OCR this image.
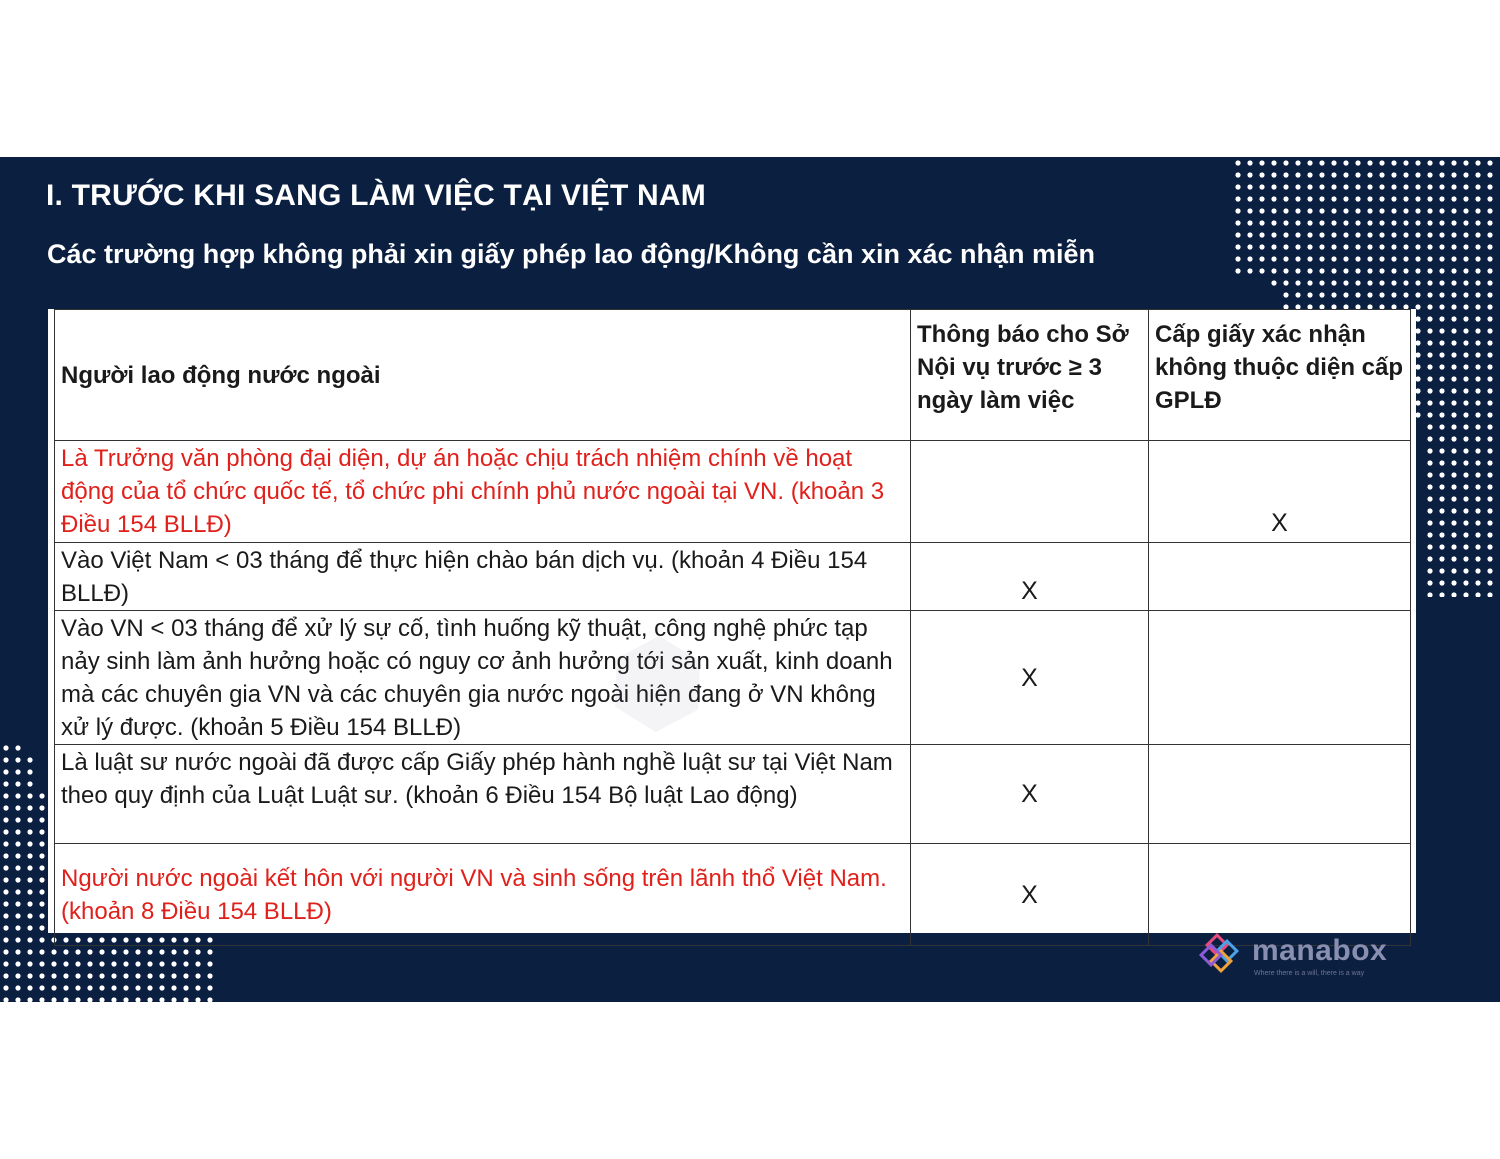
I. TRƯỚC KHI SANG LÀM VIỆC TẠI VIỆT NAM
Các trường hợp không phải xin giấy phép lao động/Không cần xin xác nhận miễn
Người lao động nước ngoài	Thông báo cho Sở Nội vụ trước ≥ 3 ngày làm việc	Cấp giấy xác nhận không thuộc diện cấp GPLĐ
Là Trưởng văn phòng đại diện, dự án hoặc chịu trách nhiệm chính về hoạt động của tổ chức quốc tế, tổ chức phi chính phủ nước ngoài tại VN. (khoản 3 Điều 154 BLLĐ)		X
Vào Việt Nam < 03 tháng để thực hiện chào bán dịch vụ. (khoản 4 Điều 154 BLLĐ)	X	
Vào VN < 03 tháng để xử lý sự cố, tình huống kỹ thuật, công nghệ phức tạp nảy sinh làm ảnh hưởng hoặc có nguy cơ ảnh hưởng tới sản xuất, kinh doanh mà các chuyên gia VN và các chuyên gia nước ngoài hiện đang ở VN không xử lý được. (khoản 5 Điều 154 BLLĐ)	X	
Là luật sư nước ngoài đã được cấp Giấy phép hành nghề luật sư tại Việt Nam theo quy định của Luật Luật sư. (khoản 6 Điều 154 Bộ luật Lao động)	X	
Người nước ngoài kết hôn với người VN và sinh sống trên lãnh thổ Việt Nam. (khoản 8 Điều 154 BLLĐ)	X	
⬢

manabox

Where there is a will, there is a way
